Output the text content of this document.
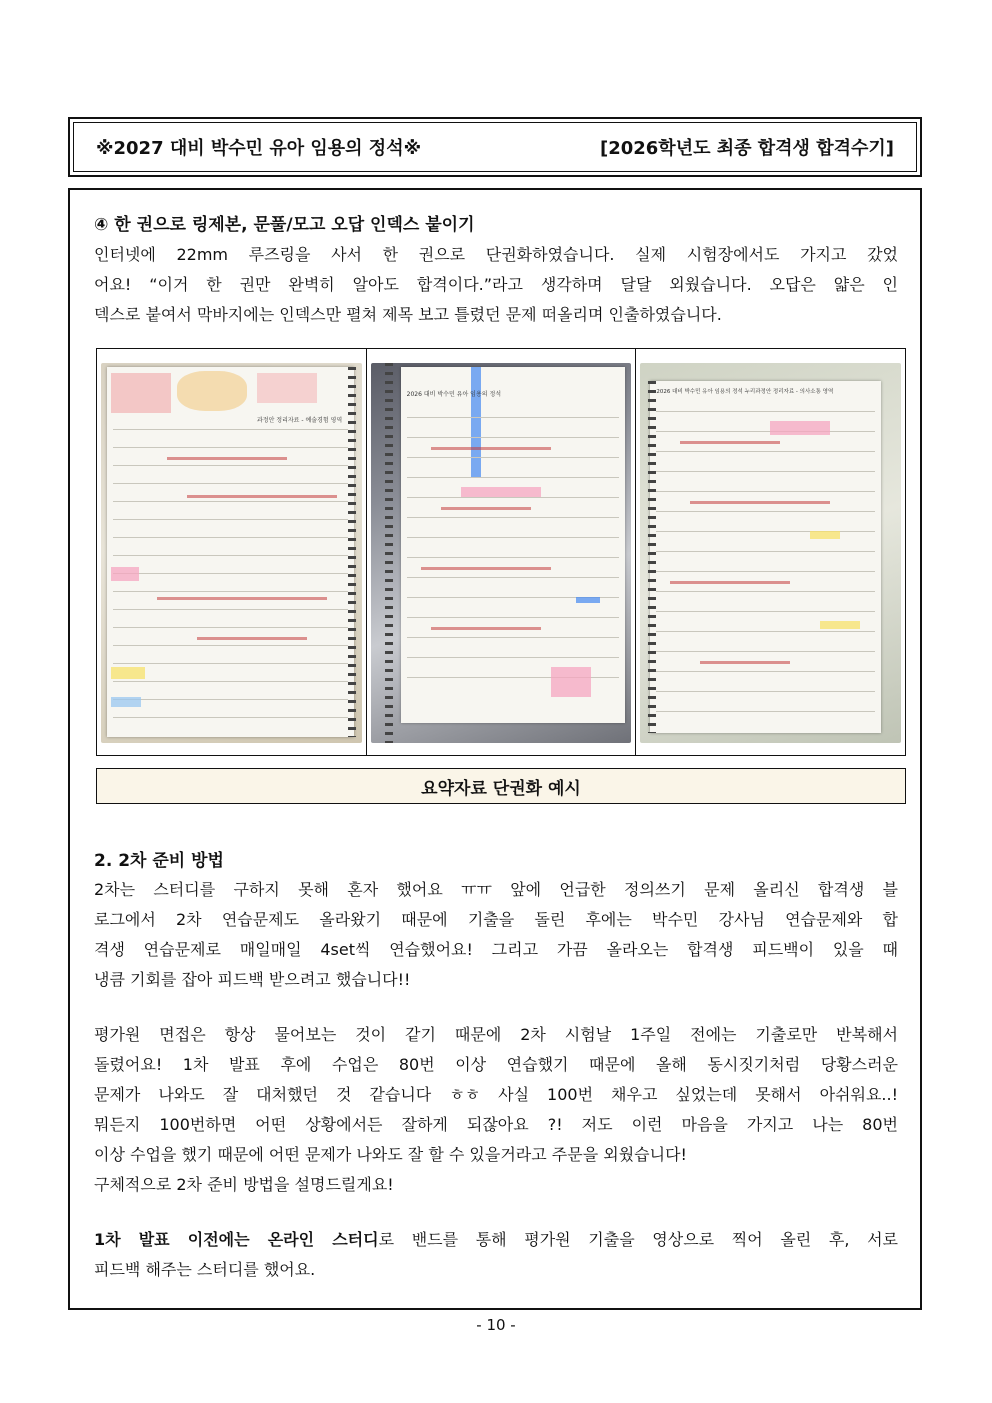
※2027 대비 박수민 유아 임용의 정석※	[2026학년도 최종 합격생 합격수기]
④ 한 권으로 링제본, 문풀/모고 오답 인덱스 붙이기
인터넷에 22mm 루즈링을 사서 한 권으로 단권화하였습니다. 실제 시험장에서도 가지고 갔었
어요! “이거 한 권만 완벽히 알아도 합격이다.”라고 생각하며 달달 외웠습니다. 오답은 얇은 인
덱스로 붙여서 막바지에는 인덱스만 펼쳐 제목 보고 틀렸던 문제 떠올리며 인출하였습니다.
과정안 정리자료 - 예술경험 영역
2026 대비 박수민 유아 임용의 정석	2026 대비 박수민 유아 임용의 정석 누리과정안 정리자료 - 의사소통 영역
요약자료 단권화 예시
2. 2차 준비 방법
2차는 스터디를 구하지 못해 혼자 했어요 ㅠㅠ 앞에 언급한 정의쓰기 문제 올리신 합격생 블
로그에서 2차 연습문제도 올라왔기 때문에 기출을 돌린 후에는 박수민 강사님 연습문제와 합
격생 연습문제로 매일매일 4set씩 연습했어요! 그리고 가끔 올라오는 합격생 피드백이 있을 때
냉큼 기회를 잡아 피드백 받으려고 했습니다!!
평가원 면접은 항상 물어보는 것이 같기 때문에 2차 시험날 1주일 전에는 기출로만 반복해서
돌렸어요! 1차 발표 후에 수업은 80번 이상 연습했기 때문에 올해 동시짓기처럼 당황스러운
문제가 나와도 잘 대처했던 것 같습니다 ㅎㅎ 사실 100번 채우고 싶었는데 못해서 아쉬워요..!
뭐든지 100번하면 어떤 상황에서든 잘하게 되잖아요 ?! 저도 이런 마음을 가지고 나는 80번
이상 수업을 했기 때문에 어떤 문제가 나와도 잘 할 수 있을거라고 주문을 외웠습니다!
구체적으로 2차 준비 방법을 설명드릴게요!
1차 발표 이전에는 온라인 스터디로 밴드를 통해 평가원 기출을 영상으로 찍어 올린 후, 서로
피드백 해주는 스터디를 했어요.
- 10 -
